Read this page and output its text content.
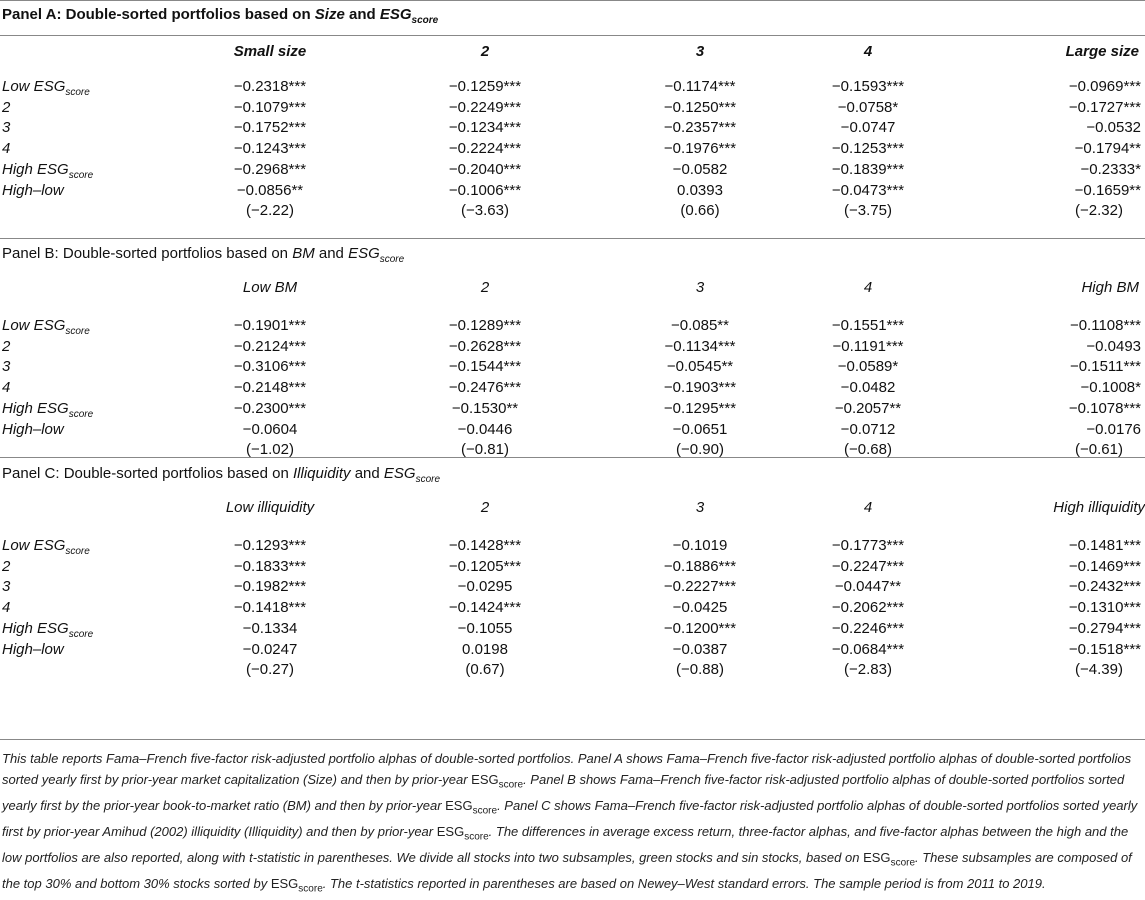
Panel A: Double-sorted portfolios based on Size and $ESG_{score}$
Small size	2	3	4	Large size
Low $ESG_{score}$	−0.2318***	−0.1259***	−0.1174***	−0.1593***	−0.0969***
2	−0.1079***	−0.2249***	−0.1250***	−0.0758*	−0.1727***
3	−0.1752***	−0.1234***	−0.2357***	−0.0747	−0.0532
4	−0.1243***	−0.2224***	−0.1976***	−0.1253***	−0.1794**
High $ESG_{score}$	−0.2968***	−0.2040***	−0.0582	−0.1839***	−0.2333*
High–low	−0.0856**	−0.1006***	0.0393	−0.0473***	−0.1659**
(−2.22)	(−3.63)	(0.66)	(−3.75)	(−2.32)
Panel B: Double-sorted portfolios based on BM and $ESG_{score}$
Low BM	2	3	4	High BM
Low $ESG_{score}$	−0.1901***	−0.1289***	−0.085**	−0.1551***	−0.1108***
2	−0.2124***	−0.2628***	−0.1134***	−0.1191***	−0.0493
3	−0.3106***	−0.1544***	−0.0545**	−0.0589*	−0.1511***
4	−0.2148***	−0.2476***	−0.1903***	−0.0482	−0.1008*
High $ESG_{score}$	−0.2300***	−0.1530**	−0.1295***	−0.2057**	−0.1078***
High–low	−0.0604	−0.0446	−0.0651	−0.0712	−0.0176
(−1.02)	(−0.81)	(−0.90)	(−0.68)	(−0.61)
Panel C: Double-sorted portfolios based on Illiquidity and $ESG_{score}$
Low illiquidity	2	3	4	High illiquidity
Low $ESG_{score}$	−0.1293***	−0.1428***	−0.1019	−0.1773***	−0.1481***
2	−0.1833***	−0.1205***	−0.1886***	−0.2247***	−0.1469***
3	−0.1982***	−0.0295	−0.2227***	−0.0447**	−0.2432***
4	−0.1418***	−0.1424***	−0.0425	−0.2062***	−0.1310***
High $ESG_{score}$	−0.1334	−0.1055	−0.1200***	−0.2246***	−0.2794***
High–low	−0.0247	0.0198	−0.0387	−0.0684***	−0.1518***
(−0.27)	(0.67)	(−0.88)	(−2.83)	(−4.39)
This table reports Fama–French five-factor risk-adjusted portfolio alphas of double-sorted portfolios. Panel A shows Fama–French five-factor risk-adjusted portfolio alphas of double-sorted portfolios sorted yearly first by prior-year market capitalization (Size) and then by prior-year $ESG_{score}$. Panel B shows Fama–French five-factor risk-adjusted portfolio alphas of double-sorted portfolios sorted yearly first by the prior-year book-to-market ratio (BM) and then by prior-year $ESG_{score}$. Panel C shows Fama–French five-factor risk-adjusted portfolio alphas of double-sorted portfolios sorted yearly first by prior-year Amihud (2002) illiquidity (Illiquidity) and then by prior-year $ESG_{score}$. The differences in average excess return, three-factor alphas, and five-factor alphas between the high and the low portfolios are also reported, along with t-statistic in parentheses. We divide all stocks into two subsamples, green stocks and sin stocks, based on $ESG_{score}$. These subsamples are composed of the top 30% and bottom 30% stocks sorted by $ESG_{score}$. The t-statistics reported in parentheses are based on Newey–West standard errors. The sample period is from 2011 to 2019.
